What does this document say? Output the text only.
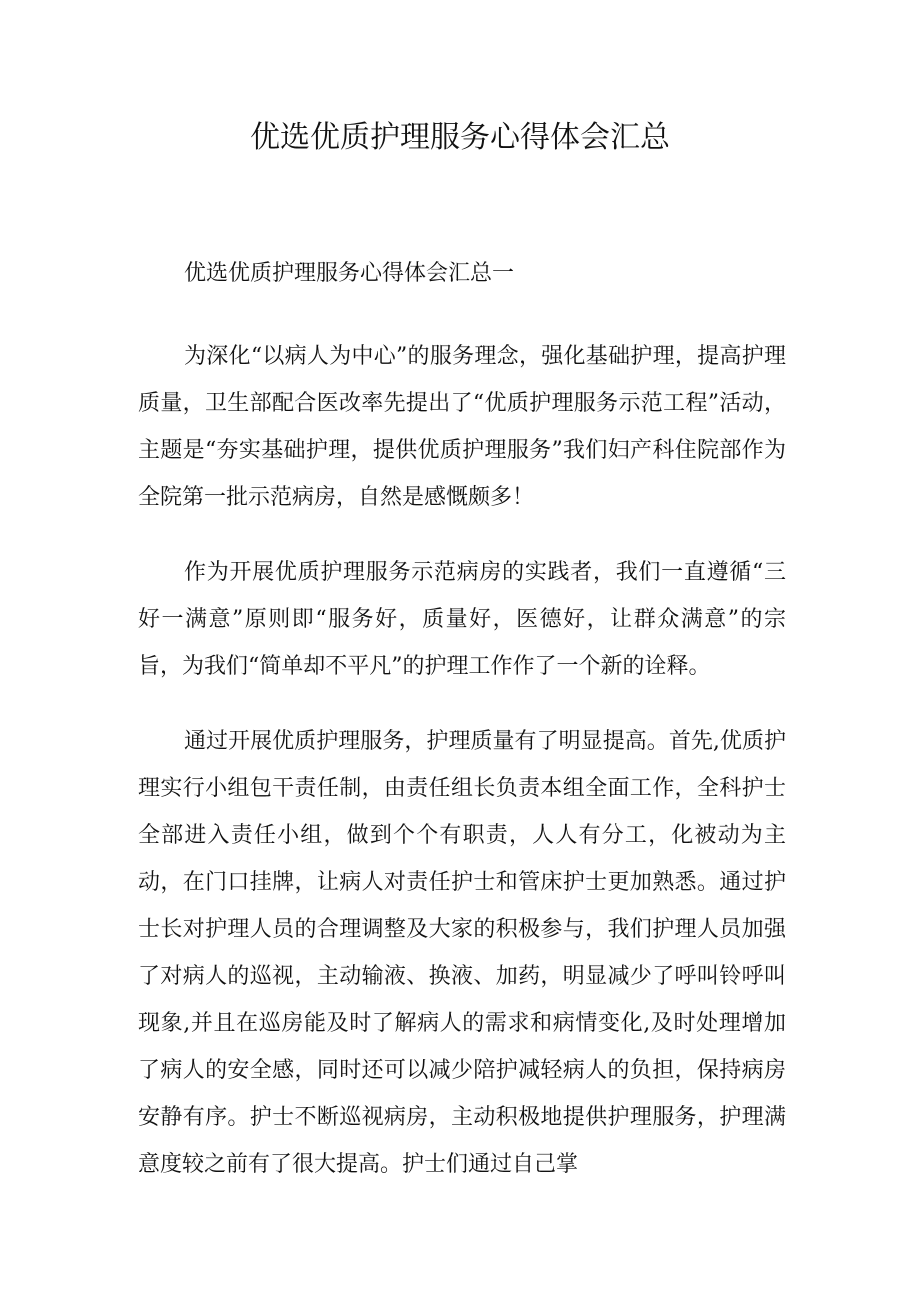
优选优质护理服务心得体会汇总

优选优质护理服务心得体会汇总一

为深化“以病人为中心”的服务理念，强化基础护理，提高护理质量，卫生部配合医改率先提出了“优质护理服务示范工程”活动，主题是“夯实基础护理，提供优质护理服务”我们妇产科住院部作为全院第一批示范病房，自然是感慨颇多！

作为开展优质护理服务示范病房的实践者，我们一直遵循“三好一满意”原则即“服务好，质量好，医德好，让群众满意”的宗旨，为我们“简单却不平凡”的护理工作作了一个新的诠释。

通过开展优质护理服务，护理质量有了明显提高。首先,优质护理实行小组包干责任制，由责任组长负责本组全面工作，全科护士全部进入责任小组，做到个个有职责，人人有分工，化被动为主动，在门口挂牌，让病人对责任护士和管床护士更加熟悉。通过护士长对护理人员的合理调整及大家的积极参与，我们护理人员加强了对病人的巡视，主动输液、换液、加药，明显减少了呼叫铃呼叫现象,并且在巡房能及时了解病人的需求和病情变化,及时处理增加了病人的安全感，同时还可以减少陪护减轻病人的负担，保持病房安静有序。护士不断巡视病房，主动积极地提供护理服务，护理满意度较之前有了很大提高。护士们通过自己掌
